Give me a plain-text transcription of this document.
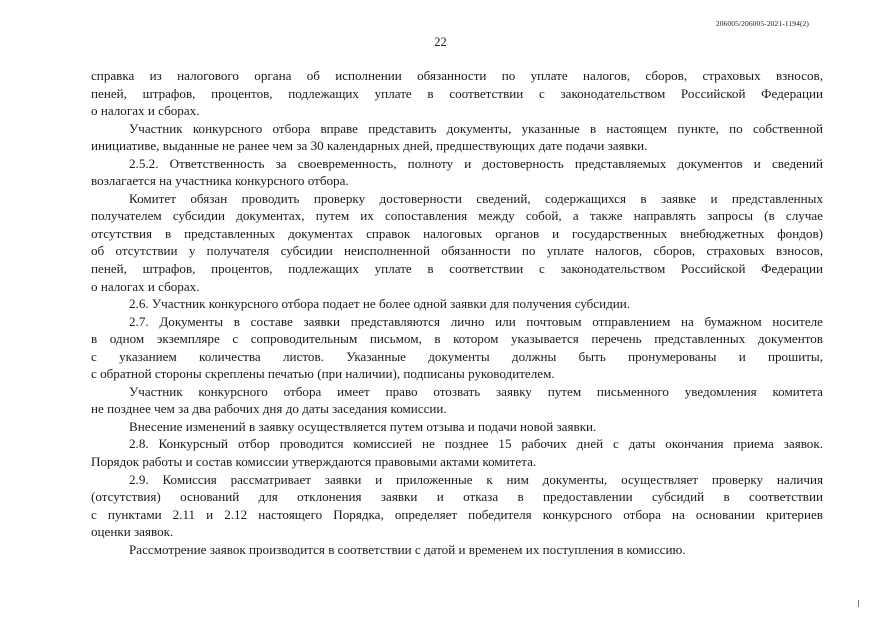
206005/206005-2021-1194(2)
22
справка из налогового органа об исполнении обязанности по уплате налогов, сборов, страховых взносов,
пеней, штрафов, процентов, подлежащих уплате в соответствии с законодательством Российской Федерации
о налогах и сборах.
Участник конкурсного отбора вправе представить документы, указанные в настоящем пункте, по собственной
инициативе, выданные не ранее чем за 30 календарных дней, предшествующих дате подачи заявки.
2.5.2. Ответственность за своевременность, полноту и достоверность представляемых документов и сведений
возлагается на участника конкурсного отбора.
Комитет обязан проводить проверку достоверности сведений, содержащихся в заявке и представленных
получателем субсидии документах, путем их сопоставления между собой, а также направлять запросы (в случае
отсутствия в представленных документах справок налоговых органов и государственных внебюджетных фондов)
об отсутствии у получателя субсидии неисполненной обязанности по уплате налогов, сборов, страховых взносов,
пеней, штрафов, процентов, подлежащих уплате в соответствии с законодательством Российской Федерации
о налогах и сборах.
2.6. Участник конкурсного отбора подает не более одной заявки для получения субсидии.
2.7. Документы в составе заявки представляются лично или почтовым отправлением на бумажном носителе
в одном экземпляре с сопроводительным письмом, в котором указывается перечень представленных документов
с указанием количества листов. Указанные документы должны быть пронумерованы и прошиты,
с обратной стороны скреплены печатью (при наличии), подписаны руководителем.
Участник конкурсного отбора имеет право отозвать заявку путем письменного уведомления комитета
не позднее чем за два рабочих дня до даты заседания комиссии.
Внесение изменений в заявку осуществляется путем отзыва и подачи новой заявки.
2.8. Конкурсный отбор проводится комиссией не позднее 15 рабочих дней с даты окончания приема заявок.
Порядок работы и состав комиссии утверждаются правовыми актами комитета.
2.9. Комиссия рассматривает заявки и приложенные к ним документы, осуществляет проверку наличия
(отсутствия) оснований для отклонения заявки и отказа в предоставлении субсидий в соответствии
с пунктами 2.11 и 2.12 настоящего Порядка, определяет победителя конкурсного отбора на основании критериев
оценки заявок.
Рассмотрение заявок производится в соответствии с датой и временем их поступления в комиссию.
